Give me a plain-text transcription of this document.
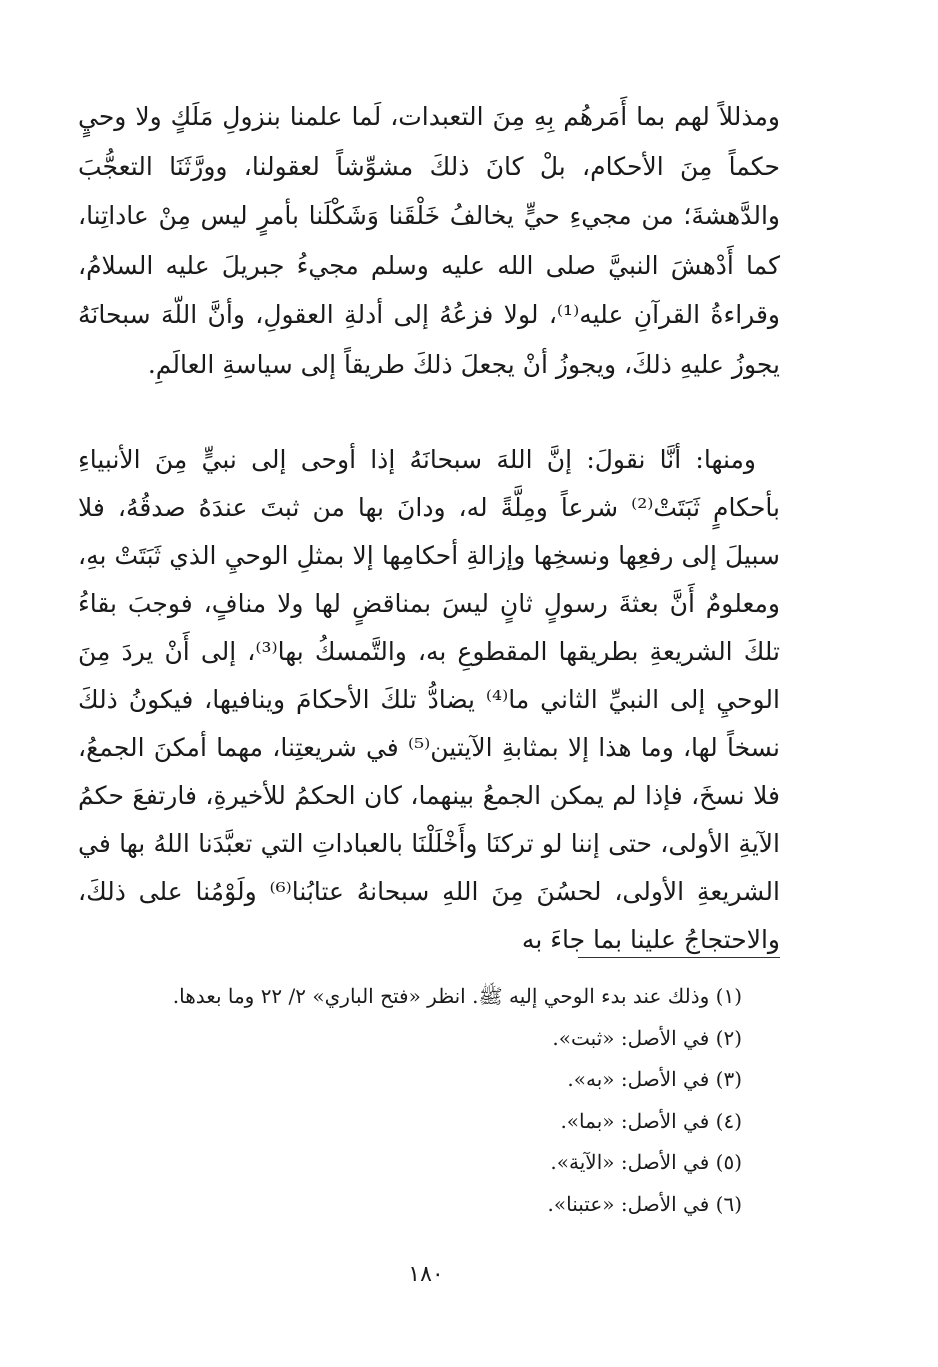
ومذللاً لهم بما أَمَرهُم بِهِ مِنَ التعبدات، لَما علمنا بنزولِ مَلَكٍ ولا وحيٍ حكماً مِنَ الأحكام، بلْ كانَ ذلكَ مشوِّشاً لعقولنا، وورَّثَنَا التعجُّبَ والدَّهشةَ؛ من مجيءِ حيٍّ يخالفُ خَلْقَنا وَشَكْلَنا بأمرٍ ليس مِنْ عاداتِنا، كما أَدْهشَ النبيَّ صلى الله عليه وسلم مجيءُ جبريلَ عليه السلامُ، وقراءةُ القرآنِ عليه⁽¹⁾، لولا فزعُهُ إلى أدلةِ العقولِ، وأنَّ اللّهَ سبحانَهُ يجوزُ عليهِ ذلكَ، ويجوزُ أنْ يجعلَ ذلكَ طريقاً إلى سياسةِ العالَمِ.

ومنها: أنَّا نقولَ: إنَّ اللهَ سبحانَهُ إذا أوحى إلى نبيٍّ مِنَ الأنبياءِ بأحكامٍ ثَبَتَتْ⁽²⁾ شرعاً ومِلَّةً له، ودانَ بها من ثبتَ عندَهُ صدقُهُ، فلا سبيلَ إلى رفعِها ونسخِها وإزالةِ أحكامِها إلا بمثلِ الوحيِ الذي ثَبَتَتْ بهِ، ومعلومٌ أَنَّ بعثةَ رسولٍ ثانٍ ليسَ بمناقضٍ لها ولا منافٍ، فوجبَ بقاءُ تلكَ الشريعةِ بطريقها المقطوعِ به، والتَّمسكُ بها⁽³⁾، إلى أَنْ يردَ مِنَ الوحيِ إلى النبيِّ الثاني ما⁽⁴⁾ يضادُّ تلكَ الأحكامَ وينافيها، فيكونُ ذلكَ نسخاً لها، وما هذا إلا بمثابةِ الآيتين⁽⁵⁾ في شريعتِنا، مهما أمكنَ الجمعُ، فلا نسخَ، فإذا لم يمكن الجمعُ بينهما، كان الحكمُ للأخيرةِ، فارتفعَ حكمُ الآيةِ الأولى، حتى إننا لو تركنَا وأَخْلَلْنَا بالعباداتِ التي تعبَّدَنا اللهُ بها في الشريعةِ الأولى، لحسُنَ مِنَ اللهِ سبحانهُ عتابُنا⁽⁶⁾ ولَوْمُنا على ذلكَ، والاحتجاجُ علينا بما جاءَ به

(١) وذلك عند بدء الوحي إليه ﷺ. انظر «فتح الباري» ٢/ ٢٢ وما بعدها.
(٢) في الأصل: «ثبت».
(٣) في الأصل: «به».
(٤) في الأصل: «بما».
(٥) في الأصل: «الآية».
(٦) في الأصل: «عتبنا».
١٨٠
